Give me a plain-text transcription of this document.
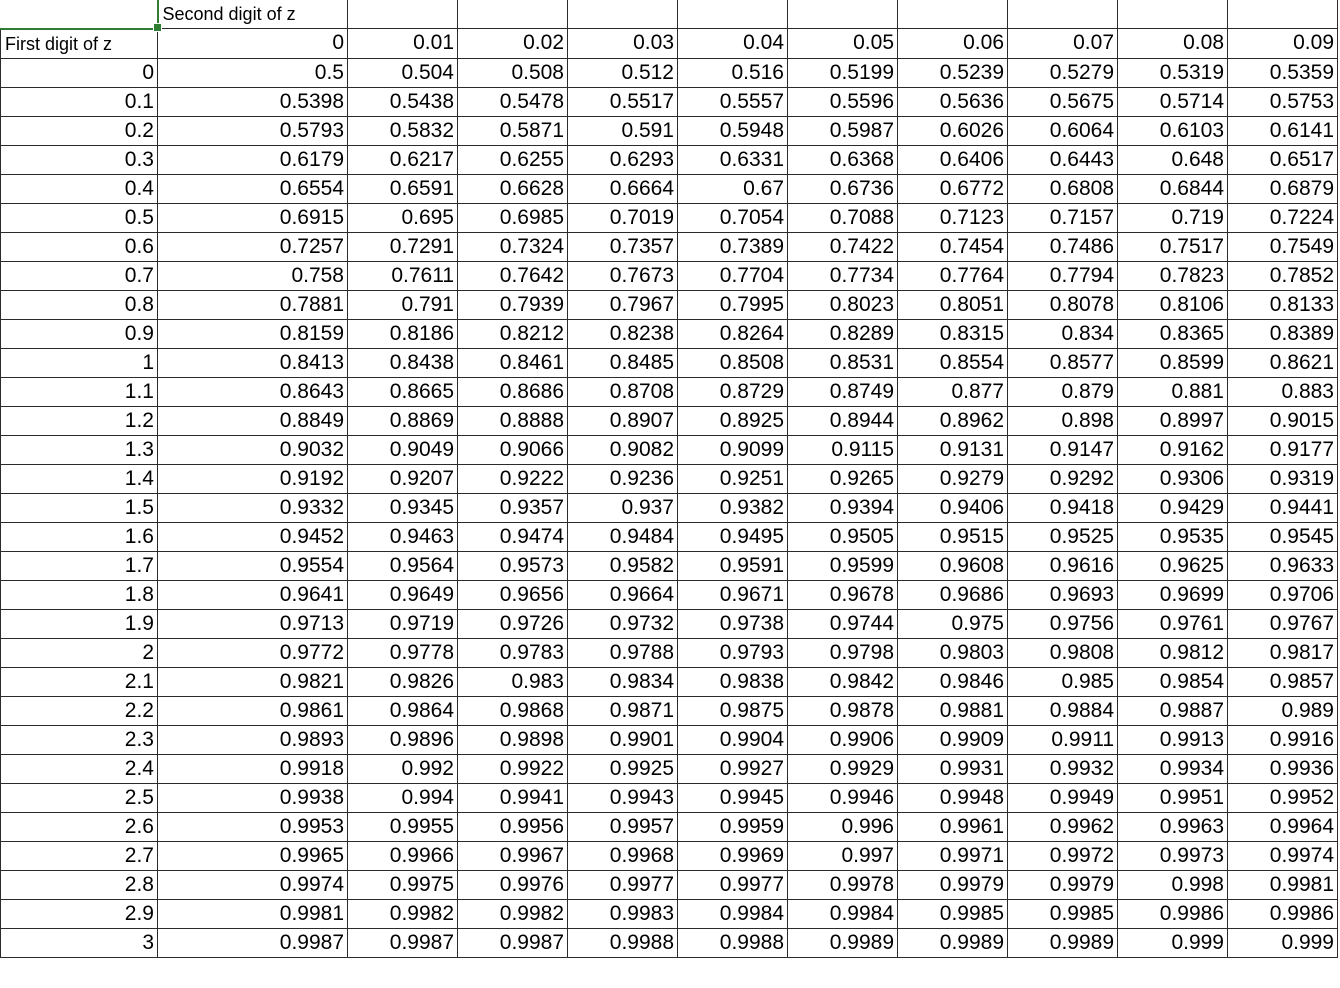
	Second digit of z									
First digit of z	0	0.01	0.02	0.03	0.04	0.05	0.06	0.07	0.08	0.09
0	0.5	0.504	0.508	0.512	0.516	0.5199	0.5239	0.5279	0.5319	0.5359
0.1	0.5398	0.5438	0.5478	0.5517	0.5557	0.5596	0.5636	0.5675	0.5714	0.5753
0.2	0.5793	0.5832	0.5871	0.591	0.5948	0.5987	0.6026	0.6064	0.6103	0.6141
0.3	0.6179	0.6217	0.6255	0.6293	0.6331	0.6368	0.6406	0.6443	0.648	0.6517
0.4	0.6554	0.6591	0.6628	0.6664	0.67	0.6736	0.6772	0.6808	0.6844	0.6879
0.5	0.6915	0.695	0.6985	0.7019	0.7054	0.7088	0.7123	0.7157	0.719	0.7224
0.6	0.7257	0.7291	0.7324	0.7357	0.7389	0.7422	0.7454	0.7486	0.7517	0.7549
0.7	0.758	0.7611	0.7642	0.7673	0.7704	0.7734	0.7764	0.7794	0.7823	0.7852
0.8	0.7881	0.791	0.7939	0.7967	0.7995	0.8023	0.8051	0.8078	0.8106	0.8133
0.9	0.8159	0.8186	0.8212	0.8238	0.8264	0.8289	0.8315	0.834	0.8365	0.8389
1	0.8413	0.8438	0.8461	0.8485	0.8508	0.8531	0.8554	0.8577	0.8599	0.8621
1.1	0.8643	0.8665	0.8686	0.8708	0.8729	0.8749	0.877	0.879	0.881	0.883
1.2	0.8849	0.8869	0.8888	0.8907	0.8925	0.8944	0.8962	0.898	0.8997	0.9015
1.3	0.9032	0.9049	0.9066	0.9082	0.9099	0.9115	0.9131	0.9147	0.9162	0.9177
1.4	0.9192	0.9207	0.9222	0.9236	0.9251	0.9265	0.9279	0.9292	0.9306	0.9319
1.5	0.9332	0.9345	0.9357	0.937	0.9382	0.9394	0.9406	0.9418	0.9429	0.9441
1.6	0.9452	0.9463	0.9474	0.9484	0.9495	0.9505	0.9515	0.9525	0.9535	0.9545
1.7	0.9554	0.9564	0.9573	0.9582	0.9591	0.9599	0.9608	0.9616	0.9625	0.9633
1.8	0.9641	0.9649	0.9656	0.9664	0.9671	0.9678	0.9686	0.9693	0.9699	0.9706
1.9	0.9713	0.9719	0.9726	0.9732	0.9738	0.9744	0.975	0.9756	0.9761	0.9767
2	0.9772	0.9778	0.9783	0.9788	0.9793	0.9798	0.9803	0.9808	0.9812	0.9817
2.1	0.9821	0.9826	0.983	0.9834	0.9838	0.9842	0.9846	0.985	0.9854	0.9857
2.2	0.9861	0.9864	0.9868	0.9871	0.9875	0.9878	0.9881	0.9884	0.9887	0.989
2.3	0.9893	0.9896	0.9898	0.9901	0.9904	0.9906	0.9909	0.9911	0.9913	0.9916
2.4	0.9918	0.992	0.9922	0.9925	0.9927	0.9929	0.9931	0.9932	0.9934	0.9936
2.5	0.9938	0.994	0.9941	0.9943	0.9945	0.9946	0.9948	0.9949	0.9951	0.9952
2.6	0.9953	0.9955	0.9956	0.9957	0.9959	0.996	0.9961	0.9962	0.9963	0.9964
2.7	0.9965	0.9966	0.9967	0.9968	0.9969	0.997	0.9971	0.9972	0.9973	0.9974
2.8	0.9974	0.9975	0.9976	0.9977	0.9977	0.9978	0.9979	0.9979	0.998	0.9981
2.9	0.9981	0.9982	0.9982	0.9983	0.9984	0.9984	0.9985	0.9985	0.9986	0.9986
3	0.9987	0.9987	0.9987	0.9988	0.9988	0.9989	0.9989	0.9989	0.999	0.999
